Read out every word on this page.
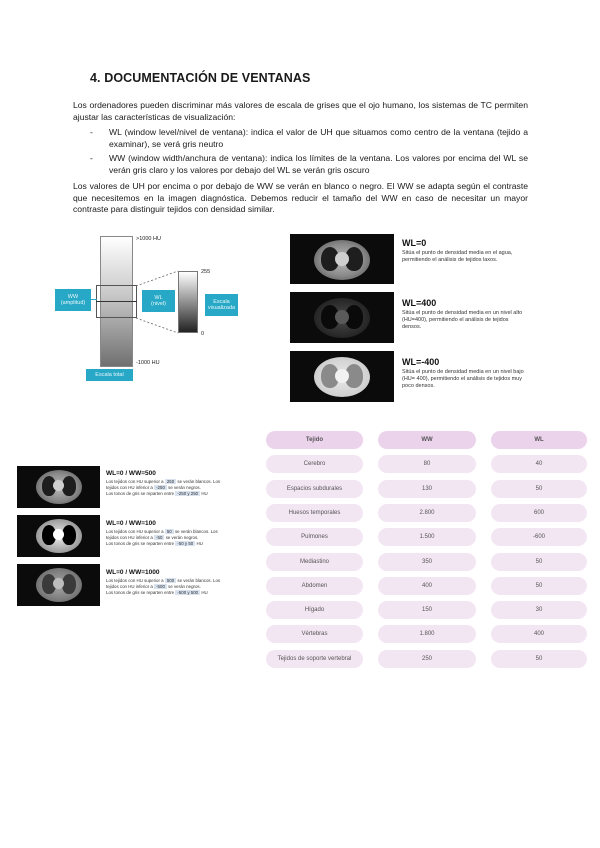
4. DOCUMENTACIÓN DE VENTANAS

Los ordenadores pueden discriminar más valores de escala de grises que el ojo humano, los sistemas de TC permiten ajustar las características de visualización:

- WL (window level/nivel de ventana): indica el valor de UH que situamos como centro de la ventana (tejido a examinar), se verá gris neutro
- WW (window width/anchura de ventana): indica los límites de la ventana. Los valores por encima del WL se verán gris claro y los valores por debajo del WL se verán gris oscuro

Los valores de UH por encima o por debajo de WW se verán en blanco o negro. El WW se adapta según el contraste que necesitemos en la imagen diagnóstica. Debemos reducir el tamaño del WW en caso de necesitar un mayor contraste para distinguir tejidos con densidad similar.

>1000 HU
255
0
-1000 HU
WW
(amplitud)
WL
(nivel)	Escala
visualizada
Escala total
WL=0
Sitúa el punto de densidad media en el agua, permitiendo el análisis de tejidos laxos.
WL=400
Sitúa el punto de densidad media en un nivel alto (HU=400), permitiendo el análisis de tejidos densos.
WL=-400
Sitúa el punto de densidad media en un nivel bajo (HU= 400), permitiendo el análisis de tejidos muy poco densos.
WL=0 / WW=500
Los tejidos con HU superior a 250 se verán blancos. Los
tejidos con HU inferior a -250 se verán negros.
Los tonos de gris se reparten entre -250 y 250 HU
WL=0 / WW=100
Los tejidos con HU superior a 50 se verán blancos. Los
tejidos con HU inferior a -50 se verán negros.
Los tonos de gris se reparten entre -50 y 50 HU
WL=0 / WW=1000
Los tejidos con HU superior a 500 se verán blancos. Los
tejidos con HU inferior a -500 se verán negros.
Los tonos de gris se reparten entre -500 y 500 HU
Tejido	WW	WL
Cerebro	80	40
Espacios subdurales	130	50
Huesos temporales	2.800	600
Pulmones	1.500	-600
Mediastino	350	50
Abdomen	400	50
Hígado	150	30
Vértebras	1.800	400
Tejidos de soporte vertebral	250	50
